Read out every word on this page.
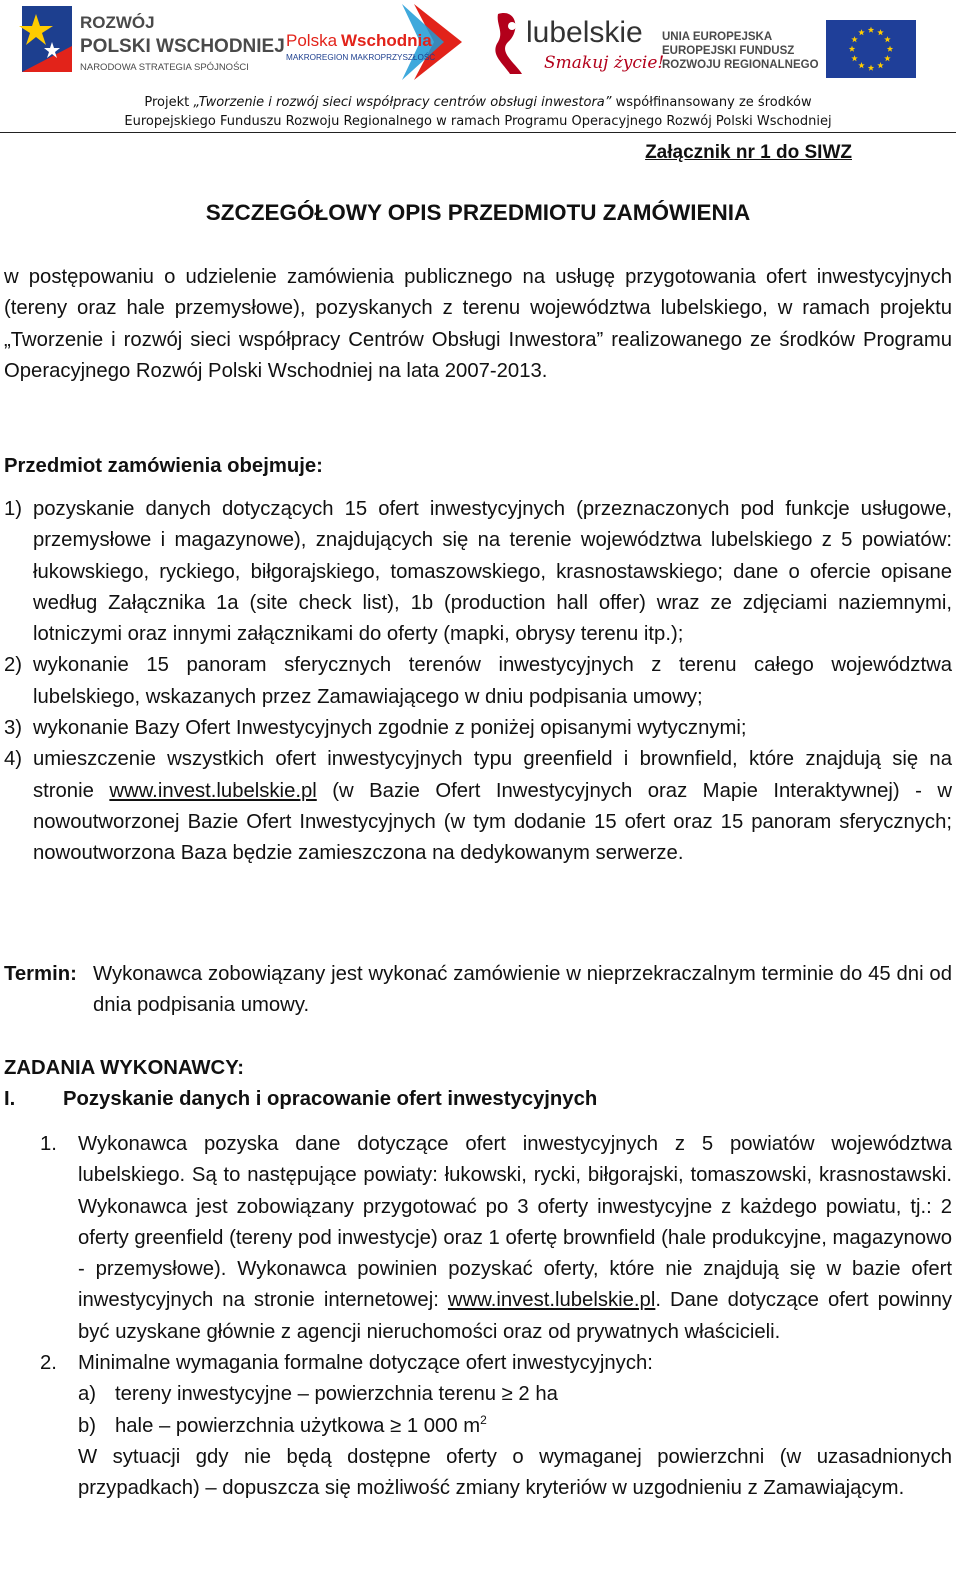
ROZWÓJ
POLSKI WSCHODNIEJ
NARODOWA STRATEGIA SPÓJNOŚCI
Polska Wschodnia
MAKROREGION MAKROPRZYSZŁOŚĆ
lubelskie
Smakuj życie!
UNIA EUROPEJSKA
EUROPEJSKI FUNDUSZ
ROZWOJU REGIONALNEGO
Projekt „Tworzenie i rozwój sieci współpracy centrów obsługi inwestora” współfinansowany ze środków
Europejskiego Funduszu Rozwoju Regionalnego w ramach Programu Operacyjnego Rozwój Polski Wschodniej
Załącznik nr 1 do SIWZ
SZCZEGÓŁOWY OPIS PRZEDMIOTU ZAMÓWIENIA
w postępowaniu o udzielenie zamówienia publicznego na usługę przygotowania ofert inwestycyjnych (tereny oraz hale przemysłowe), pozyskanych z terenu województwa lubelskiego, w ramach projektu „Tworzenie i rozwój sieci współpracy Centrów Obsługi Inwestora” realizowanego ze środków Programu Operacyjnego Rozwój Polski Wschodniej na lata 2007-2013.
Przedmiot zamówienia obejmuje:
1) pozyskanie danych dotyczących 15 ofert inwestycyjnych (przeznaczonych pod funkcje usługowe, przemysłowe i magazynowe), znajdujących się na terenie województwa lubelskiego z 5 powiatów: łukowskiego, ryckiego, biłgorajskiego, tomaszowskiego, krasnostawskiego; dane o ofercie opisane według Załącznika 1a (site check list), 1b (production hall offer) wraz ze zdjęciami naziemnymi, lotniczymi oraz innymi załącznikami do oferty (mapki, obrysy terenu itp.);
2) wykonanie 15 panoram sferycznych terenów inwestycyjnych z terenu całego województwa lubelskiego, wskazanych przez Zamawiającego w dniu podpisania umowy;
3) wykonanie Bazy Ofert Inwestycyjnych zgodnie z poniżej opisanymi wytycznymi;
4) umieszczenie wszystkich ofert inwestycyjnych typu greenfield i brownfield, które znajdują się na stronie www.invest.lubelskie.pl (w Bazie Ofert Inwestycyjnych oraz Mapie Interaktywnej) - w nowoutworzonej Bazie Ofert Inwestycyjnych (w tym dodanie 15 ofert oraz 15 panoram sferycznych; nowoutworzona Baza będzie zamieszczona na dedykowanym serwerze.
Termin: Wykonawca zobowiązany jest wykonać zamówienie w nieprzekraczalnym terminie do 45 dni od dnia podpisania umowy.
ZADANIA WYKONAWCY:
I. Pozyskanie danych i opracowanie ofert inwestycyjnych
1. Wykonawca pozyska dane dotyczące ofert inwestycyjnych z 5 powiatów województwa lubelskiego. Są to następujące powiaty: łukowski, rycki, biłgorajski, tomaszowski, krasnostawski. Wykonawca jest zobowiązany przygotować po 3 oferty inwestycyjne z każdego powiatu, tj.: 2 oferty greenfield (tereny pod inwestycje) oraz 1 ofertę brownfield (hale produkcyjne, magazynowo - przemysłowe). Wykonawca powinien pozyskać oferty, które nie znajdują się w bazie ofert inwestycyjnych na stronie internetowej: www.invest.lubelskie.pl. Dane dotyczące ofert powinny być uzyskane głównie z agencji nieruchomości oraz od prywatnych właścicieli.
2. Minimalne wymagania formalne dotyczące ofert inwestycyjnych:
a) tereny inwestycyjne – powierzchnia terenu ≥ 2 ha
b) hale – powierzchnia użytkowa ≥ 1 000 $m^2$
W sytuacji gdy nie będą dostępne oferty o wymaganej powierzchni (w uzasadnionych przypadkach) – dopuszcza się możliwość zmiany kryteriów w uzgodnieniu z Zamawiającym.
